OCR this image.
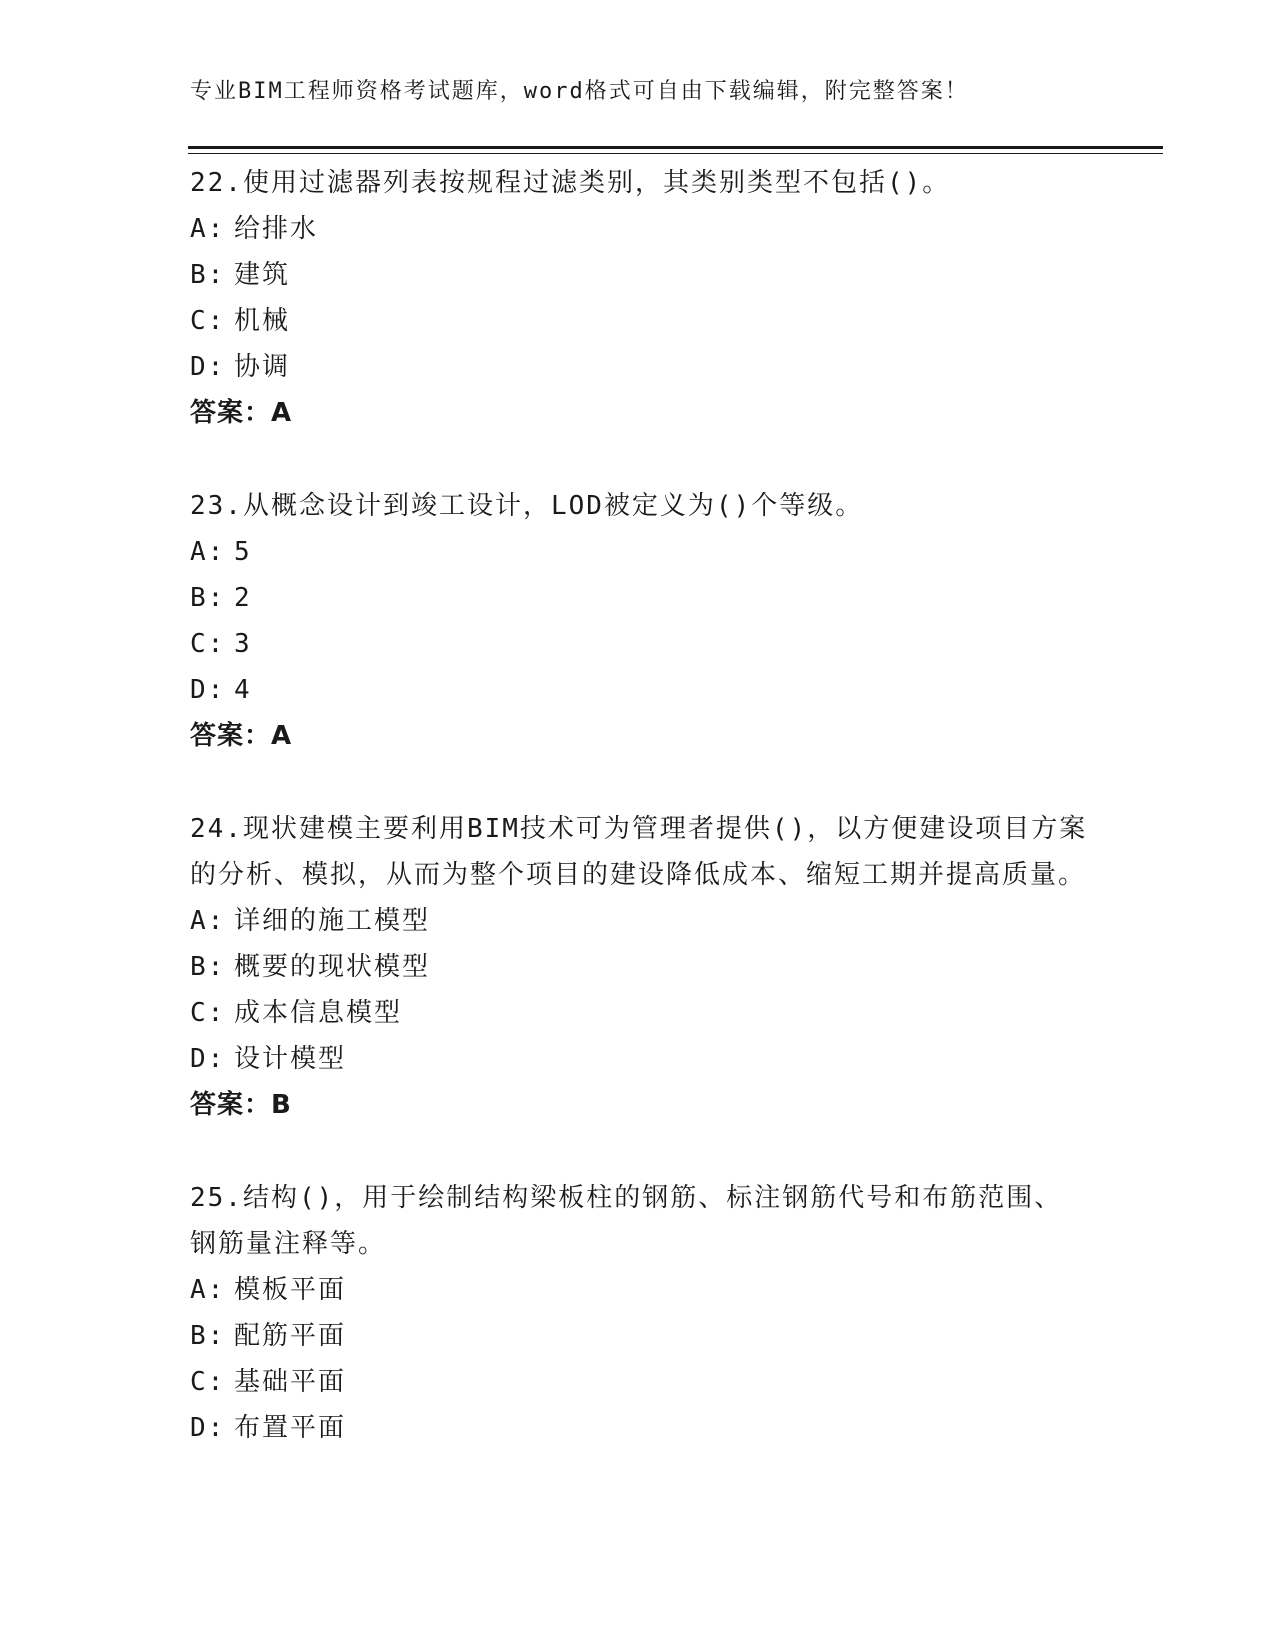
专业BIM工程师资格考试题库，word格式可自由下载编辑，附完整答案！
22.使用过滤器列表按规程过滤类别，其类别类型不包括()。
A: 给排水
B: 建筑
C: 机械
D: 协调
答案：A
23.从概念设计到竣工设计，LOD被定义为()个等级。
A: 5
B: 2
C: 3
D: 4
答案：A
24.现状建模主要利用BIM技术可为管理者提供()，以方便建设项目方案的分析、模拟，从而为整个项目的建设降低成本、缩短工期并提高质量。
A: 详细的施工模型
B: 概要的现状模型
C: 成本信息模型
D: 设计模型
答案：B
25.结构()，用于绘制结构梁板柱的钢筋、标注钢筋代号和布筋范围、钢筋量注释等。
A: 模板平面
B: 配筋平面
C: 基础平面
D: 布置平面
